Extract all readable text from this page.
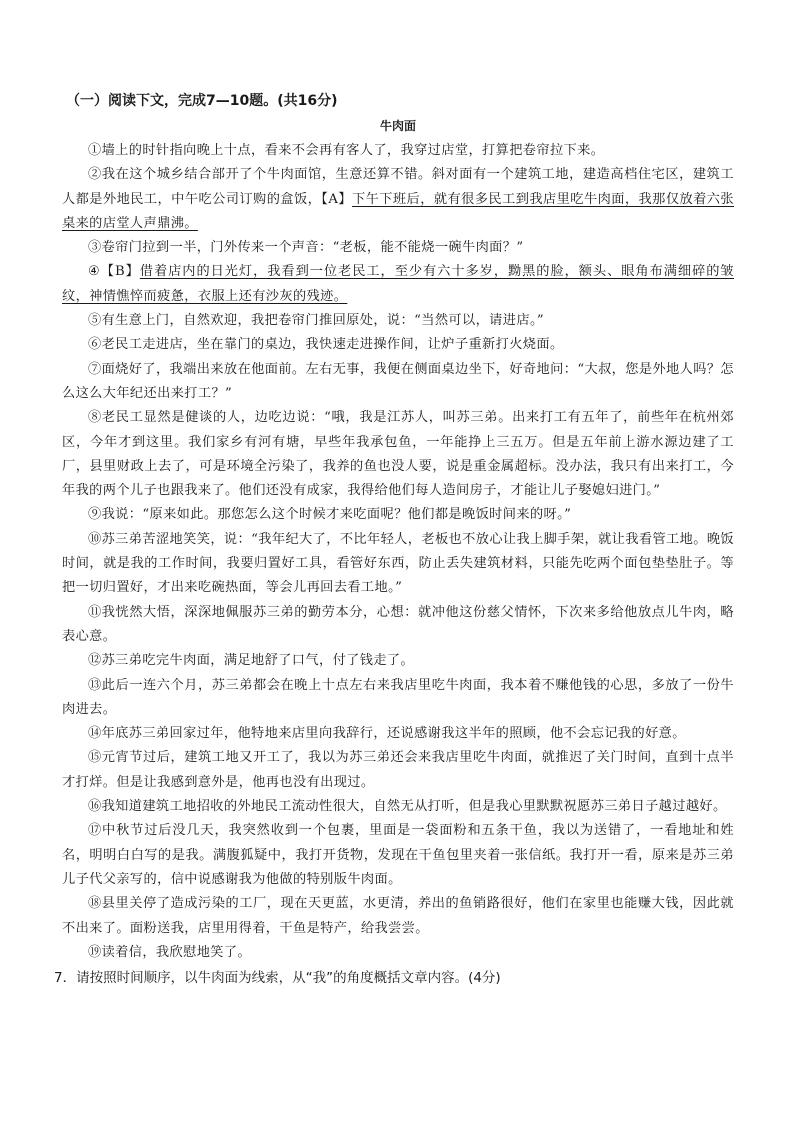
（一）阅读下文，完成7—10题。(共16分)
牛肉面

①墙上的时针指向晚上十点，看来不会再有客人了，我穿过店堂，打算把卷帘拉下来。

②我在这个城乡结合部开了个牛肉面馆，生意还算不错。斜对面有一个建筑工地，建造高档住宅区，建筑工人都是外地民工，中午吃公司订购的盒饭，【A】下午下班后，就有很多民工到我店里吃牛肉面，我那仅放着六张桌来的店堂人声鼎沸。

③卷帘门拉到一半，门外传来一个声音：“老板，能不能烧一碗牛肉面？”

④【B】借着店内的日光灯，我看到一位老民工，至少有六十多岁，黝黑的脸，额头、眼角布满细碎的皱纹，神情憔悴而疲惫，衣服上还有沙灰的残迹。

⑤有生意上门，自然欢迎，我把卷帘门推回原处，说：“当然可以，请进店。”

⑥老民工走进店，坐在靠门的桌边，我快速走进操作间，让炉子重新打火烧面。

⑦面烧好了，我端出来放在他面前。左右无事，我便在侧面桌边坐下，好奇地问：“大叔，您是外地人吗？怎么这么大年纪还出来打工？”

⑧老民工显然是健谈的人，边吃边说：“哦，我是江苏人，叫苏三弟。出来打工有五年了，前些年在杭州郊区，今年才到这里。我们家乡有河有塘，早些年我承包鱼，一年能挣上三五万。但是五年前上游水源边建了工厂，县里财政上去了，可是环境全污染了，我养的鱼也没人要，说是重金属超标。没办法，我只有出来打工，今年我的两个儿子也跟我来了。他们还没有成家，我得给他们每人造间房子，才能让儿子娶媳妇进门。”

⑨我说：“原来如此。那您怎么这个时候才来吃面呢？他们都是晚饭时间来的呀。”

⑩苏三弟苦涩地笑笑，说：“我年纪大了，不比年轻人，老板也不放心让我上脚手架，就让我看管工地。晚饭时间，就是我的工作时间，我要归置好工具，看管好东西，防止丢失建筑材料，只能先吃两个面包垫垫肚子。等把一切归置好，才出来吃碗热面，等会儿再回去看工地。”

⑪我恍然大悟，深深地佩服苏三弟的勤劳本分，心想：就冲他这份慈父情怀，下次来多给他放点儿牛肉，略表心意。

⑫苏三弟吃完牛肉面，满足地舒了口气，付了钱走了。

⑬此后一连六个月，苏三弟都会在晚上十点左右来我店里吃牛肉面，我本着不赚他钱的心思，多放了一份牛肉进去。

⑭年底苏三弟回家过年，他特地来店里向我辞行，还说感谢我这半年的照顾，他不会忘记我的好意。

⑮元宵节过后，建筑工地又开工了，我以为苏三弟还会来我店里吃牛肉面，就推迟了关门时间，直到十点半才打烊。但是让我感到意外是，他再也没有出现过。

⑯我知道建筑工地招收的外地民工流动性很大，自然无从打听，但是我心里默默祝愿苏三弟日子越过越好。

⑰中秋节过后没几天，我突然收到一个包裹，里面是一袋面粉和五条干鱼，我以为送错了，一看地址和姓名，明明白白写的是我。满腹狐疑中，我打开货物，发现在干鱼包里夹着一张信纸。我打开一看，原来是苏三弟儿子代父亲写的，信中说感谢我为他做的特别版牛肉面。

⑱县里关停了造成污染的工厂，现在天更蓝，水更清，养出的鱼销路很好，他们在家里也能赚大钱，因此就不出来了。面粉送我，店里用得着，干鱼是特产，给我尝尝。

⑲读着信，我欣慰地笑了。

7．请按照时间顺序，以牛肉面为线索，从“我”的角度概括文章内容。(4分)
